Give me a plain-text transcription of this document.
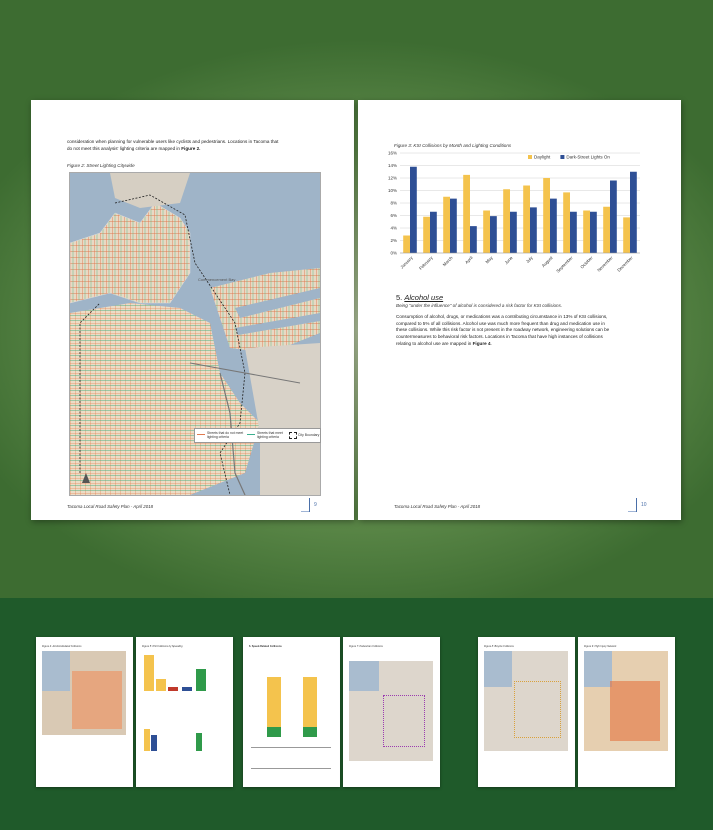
consideration when planning for vulnerable users like cyclists and pedestrians. Locations in Tacoma that
do not meet this analysis' lighting criteria are mapped in Figure 2.
Figure 2: Street Lighting Citywide
Commencement Bay
Streets that do not meet lighting criteria
Streets that meet lighting criteria
City Boundary
Tacoma Local Road Safety Plan - April 2018	9
Figure 3: KSI Collisions by Month and Lighting Conditions
0%
2%
4%
6%
8%
10%
12%
14%
16%
January February March April May June	July August September October November December
Daylight	Dark-Street Lights On
5. Alcohol use
Being "under the influence" of alcohol is considered a risk factor for KSI collisions.
Consumption of alcohol, drugs, or medications was a contributing circumstance in 13% of KSI collisions,
compared to 5% of all collisions. Alcohol use was much more frequent than drug and medication use in
these collisions. While this risk factor is not present in the roadway network, engineering solutions can be
countermeasures to behavioral risk factors. Locations in Tacoma that have high instances of collisions
relating to alcohol use are mapped in Figure 4.
Tacoma Local Road Safety Plan - April 2018	10
Figure 4: Alcohol-Related Collisions	Figure 5: KSI Collisions by Speeding	6. Speed-Related Collisions	Figure 7: Pedestrian Collisions	Figure 8: Bicycle Collisions	Figure 9: High Injury Network
